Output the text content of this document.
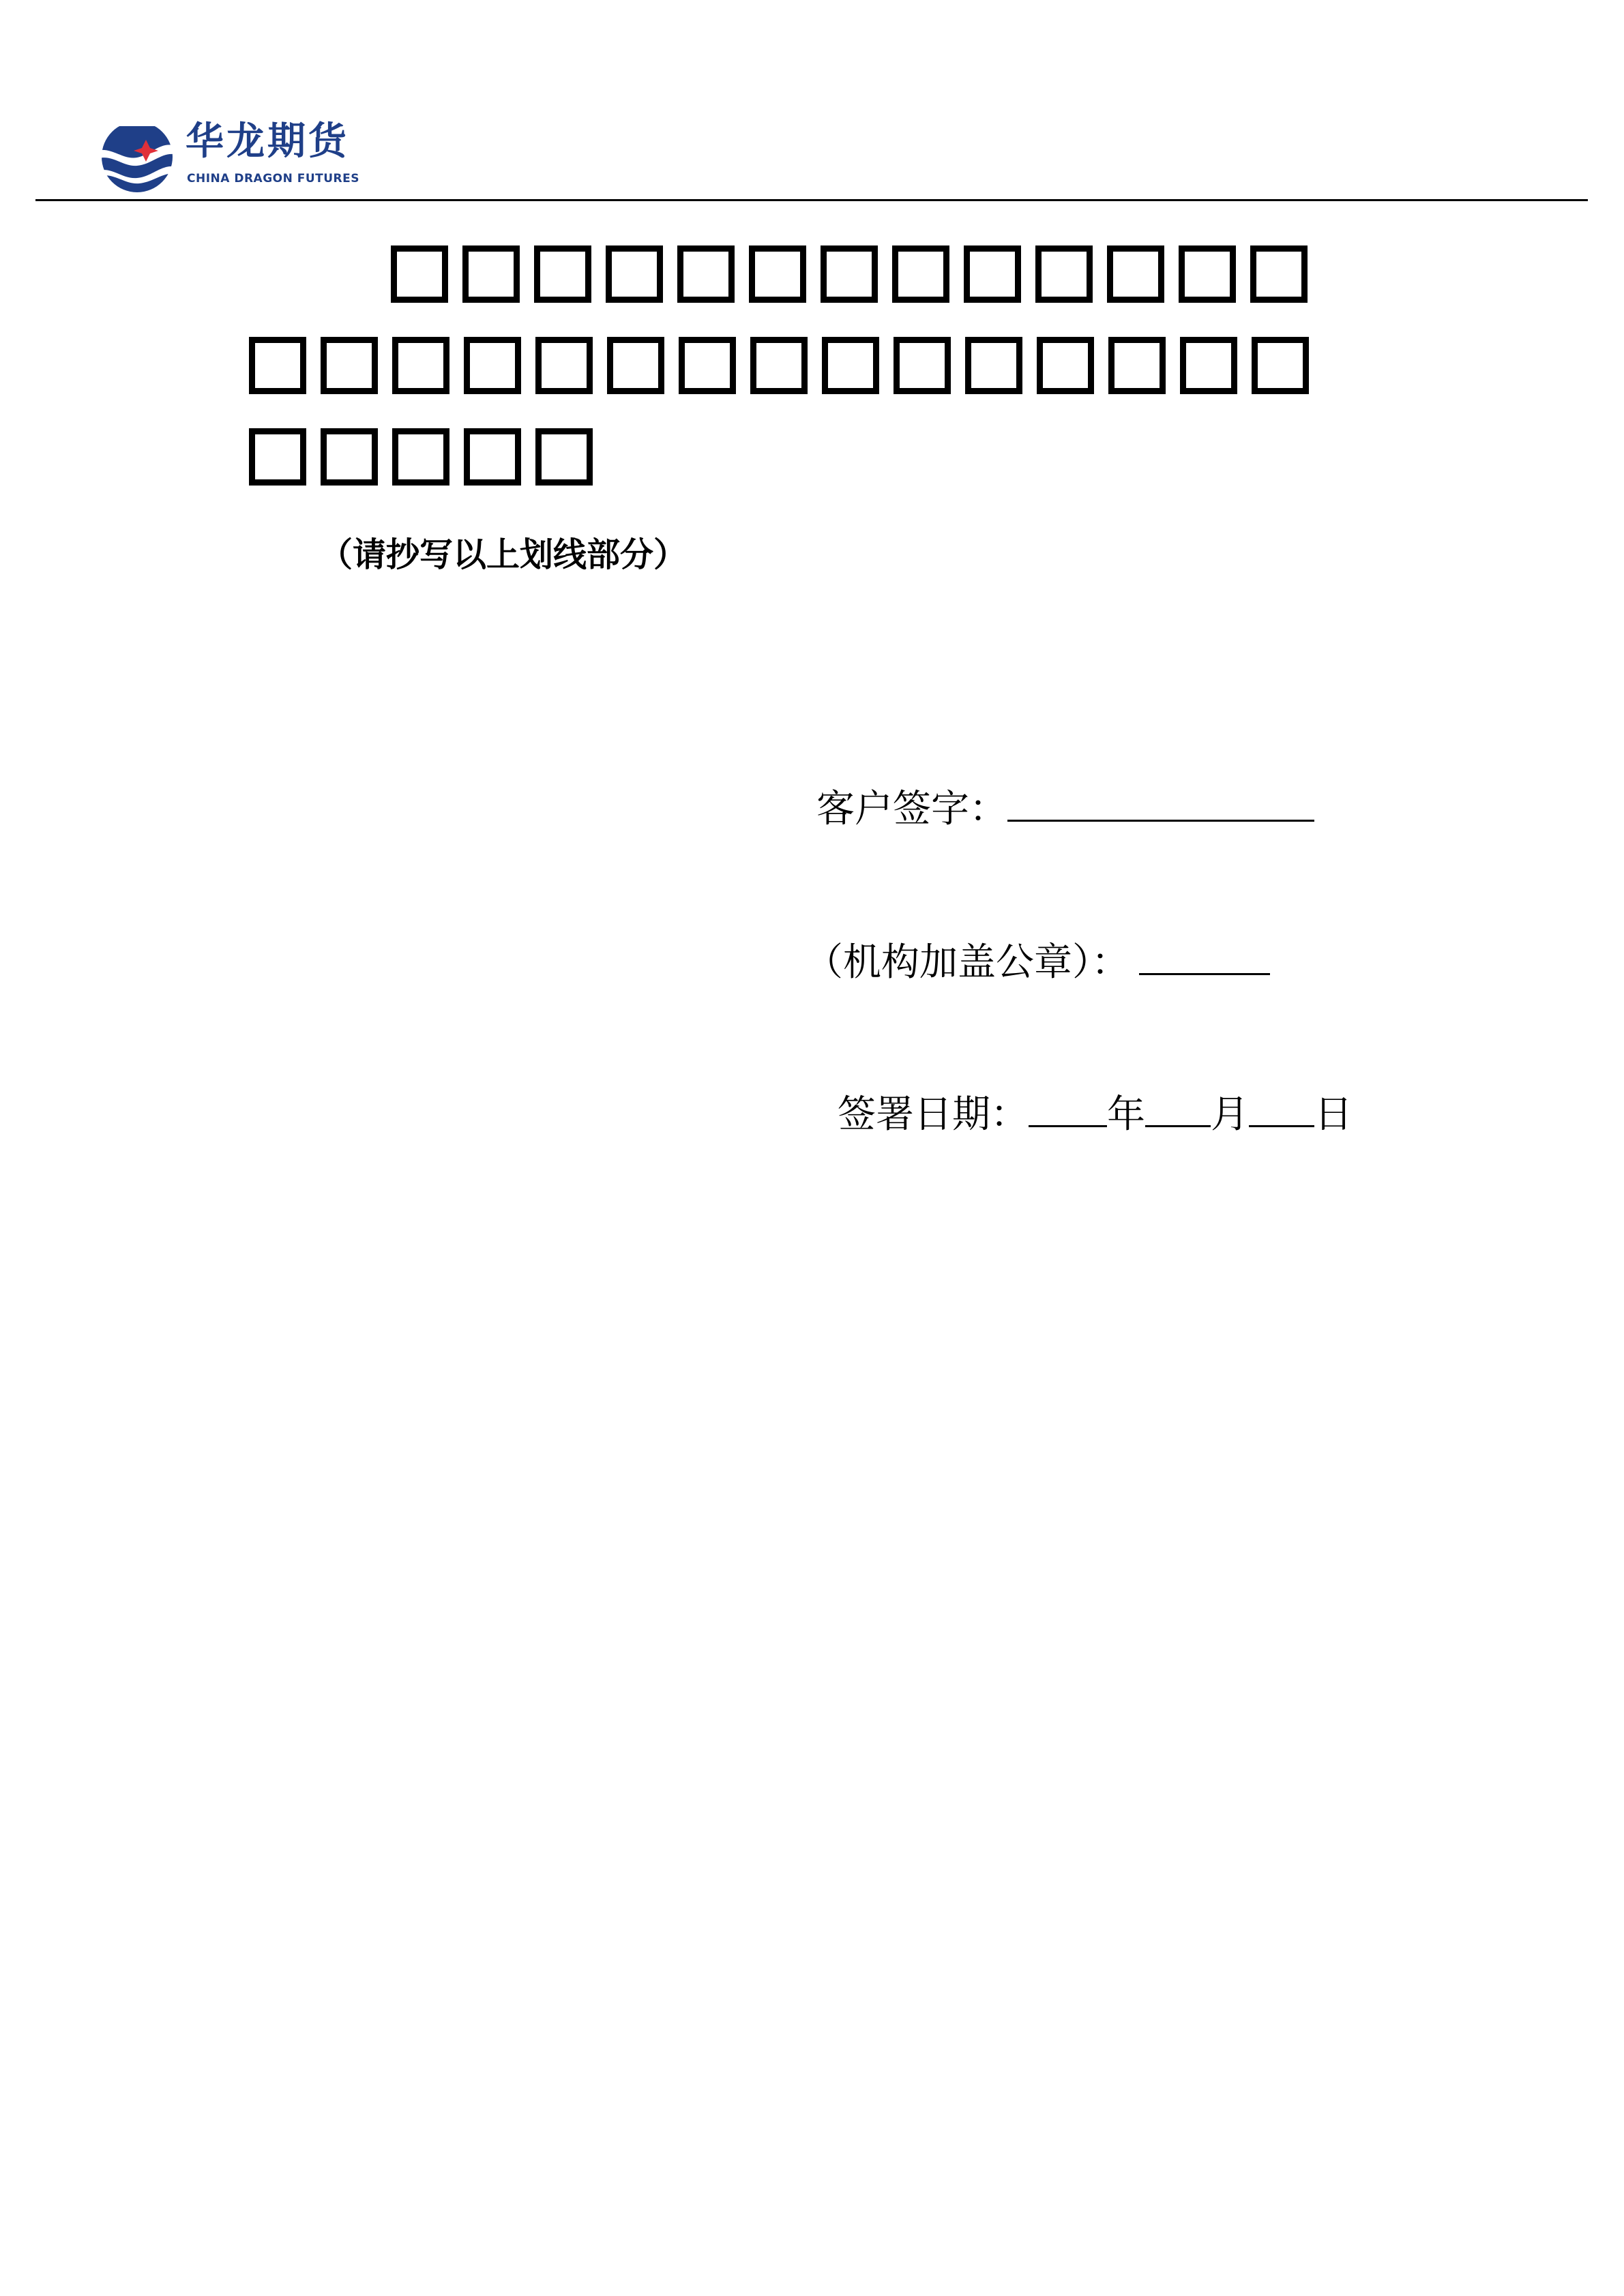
华龙期货
CHINA DRAGON FUTURES
（请抄写以上划线部分）
客户签字：
（机构加盖公章）：
签署日期： 年 月 日
